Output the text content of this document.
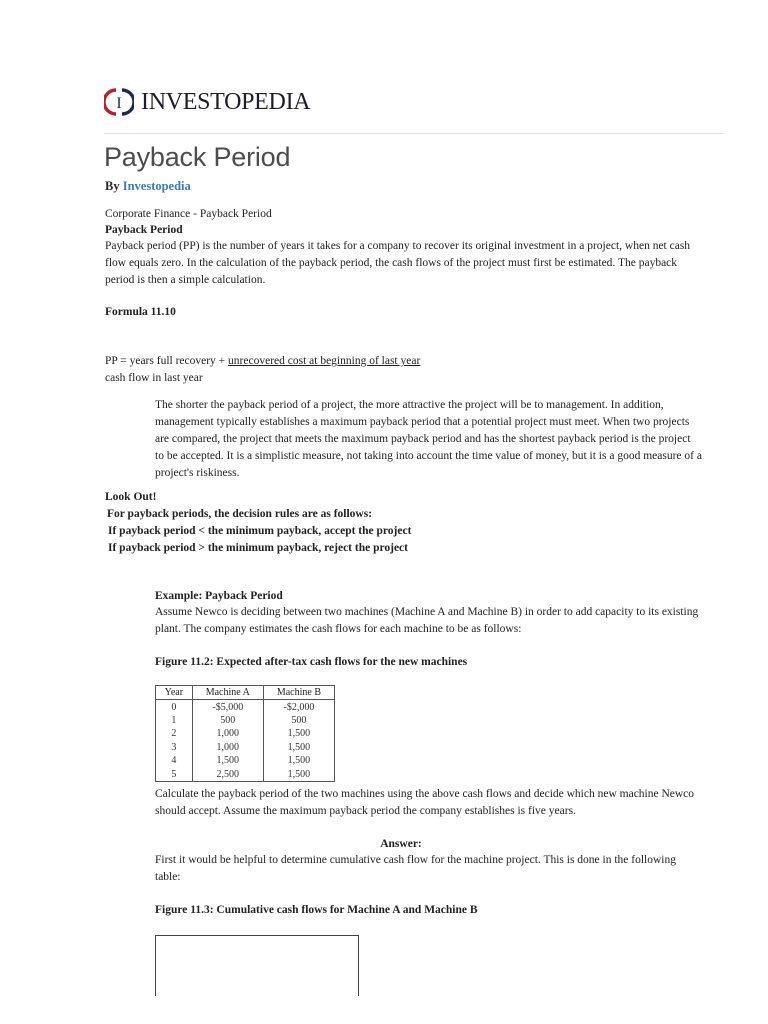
I INVESTOPEDIA
Payback Period
By Investopedia
Corporate Finance - Payback Period
Payback Period
Payback period (PP) is the number of years it takes for a company to recover its original investment in a project, when net cash
flow equals zero. In the calculation of the payback period, the cash flows of the project must first be estimated. The payback
period is then a simple calculation.
Formula 11.10
PP = years full recovery + unrecovered cost at beginning of last year
cash flow in last year
The shorter the payback period of a project, the more attractive the project will be to management. In addition,
management typically establishes a maximum payback period that a potential project must meet. When two projects
are compared, the project that meets the maximum payback period and has the shortest payback period is the project
to be accepted. It is a simplistic measure, not taking into account the time value of money, but it is a good measure of a
project's riskiness.
Look Out!
For payback periods, the decision rules are as follows:
If payback period < the minimum payback, accept the project
If payback period > the minimum payback, reject the project
Example: Payback Period
Assume Newco is deciding between two machines (Machine A and Machine B) in order to add capacity to its existing
plant. The company estimates the cash flows for each machine to be as follows:
Figure 11.2: Expected after-tax cash flows for the new machines
Year	Machine A	Machine B
0	-$5,000	-$2,000
1	500	500
2	1,000	1,500
3	1,000	1,500
4	1,500	1,500
5	2,500	1,500
Calculate the payback period of the two machines using the above cash flows and decide which new machine Newco
should accept. Assume the maximum payback period the company establishes is five years.
Answer:
First it would be helpful to determine cumulative cash flow for the machine project. This is done in the following
table:
Figure 11.3: Cumulative cash flows for Machine A and Machine B
